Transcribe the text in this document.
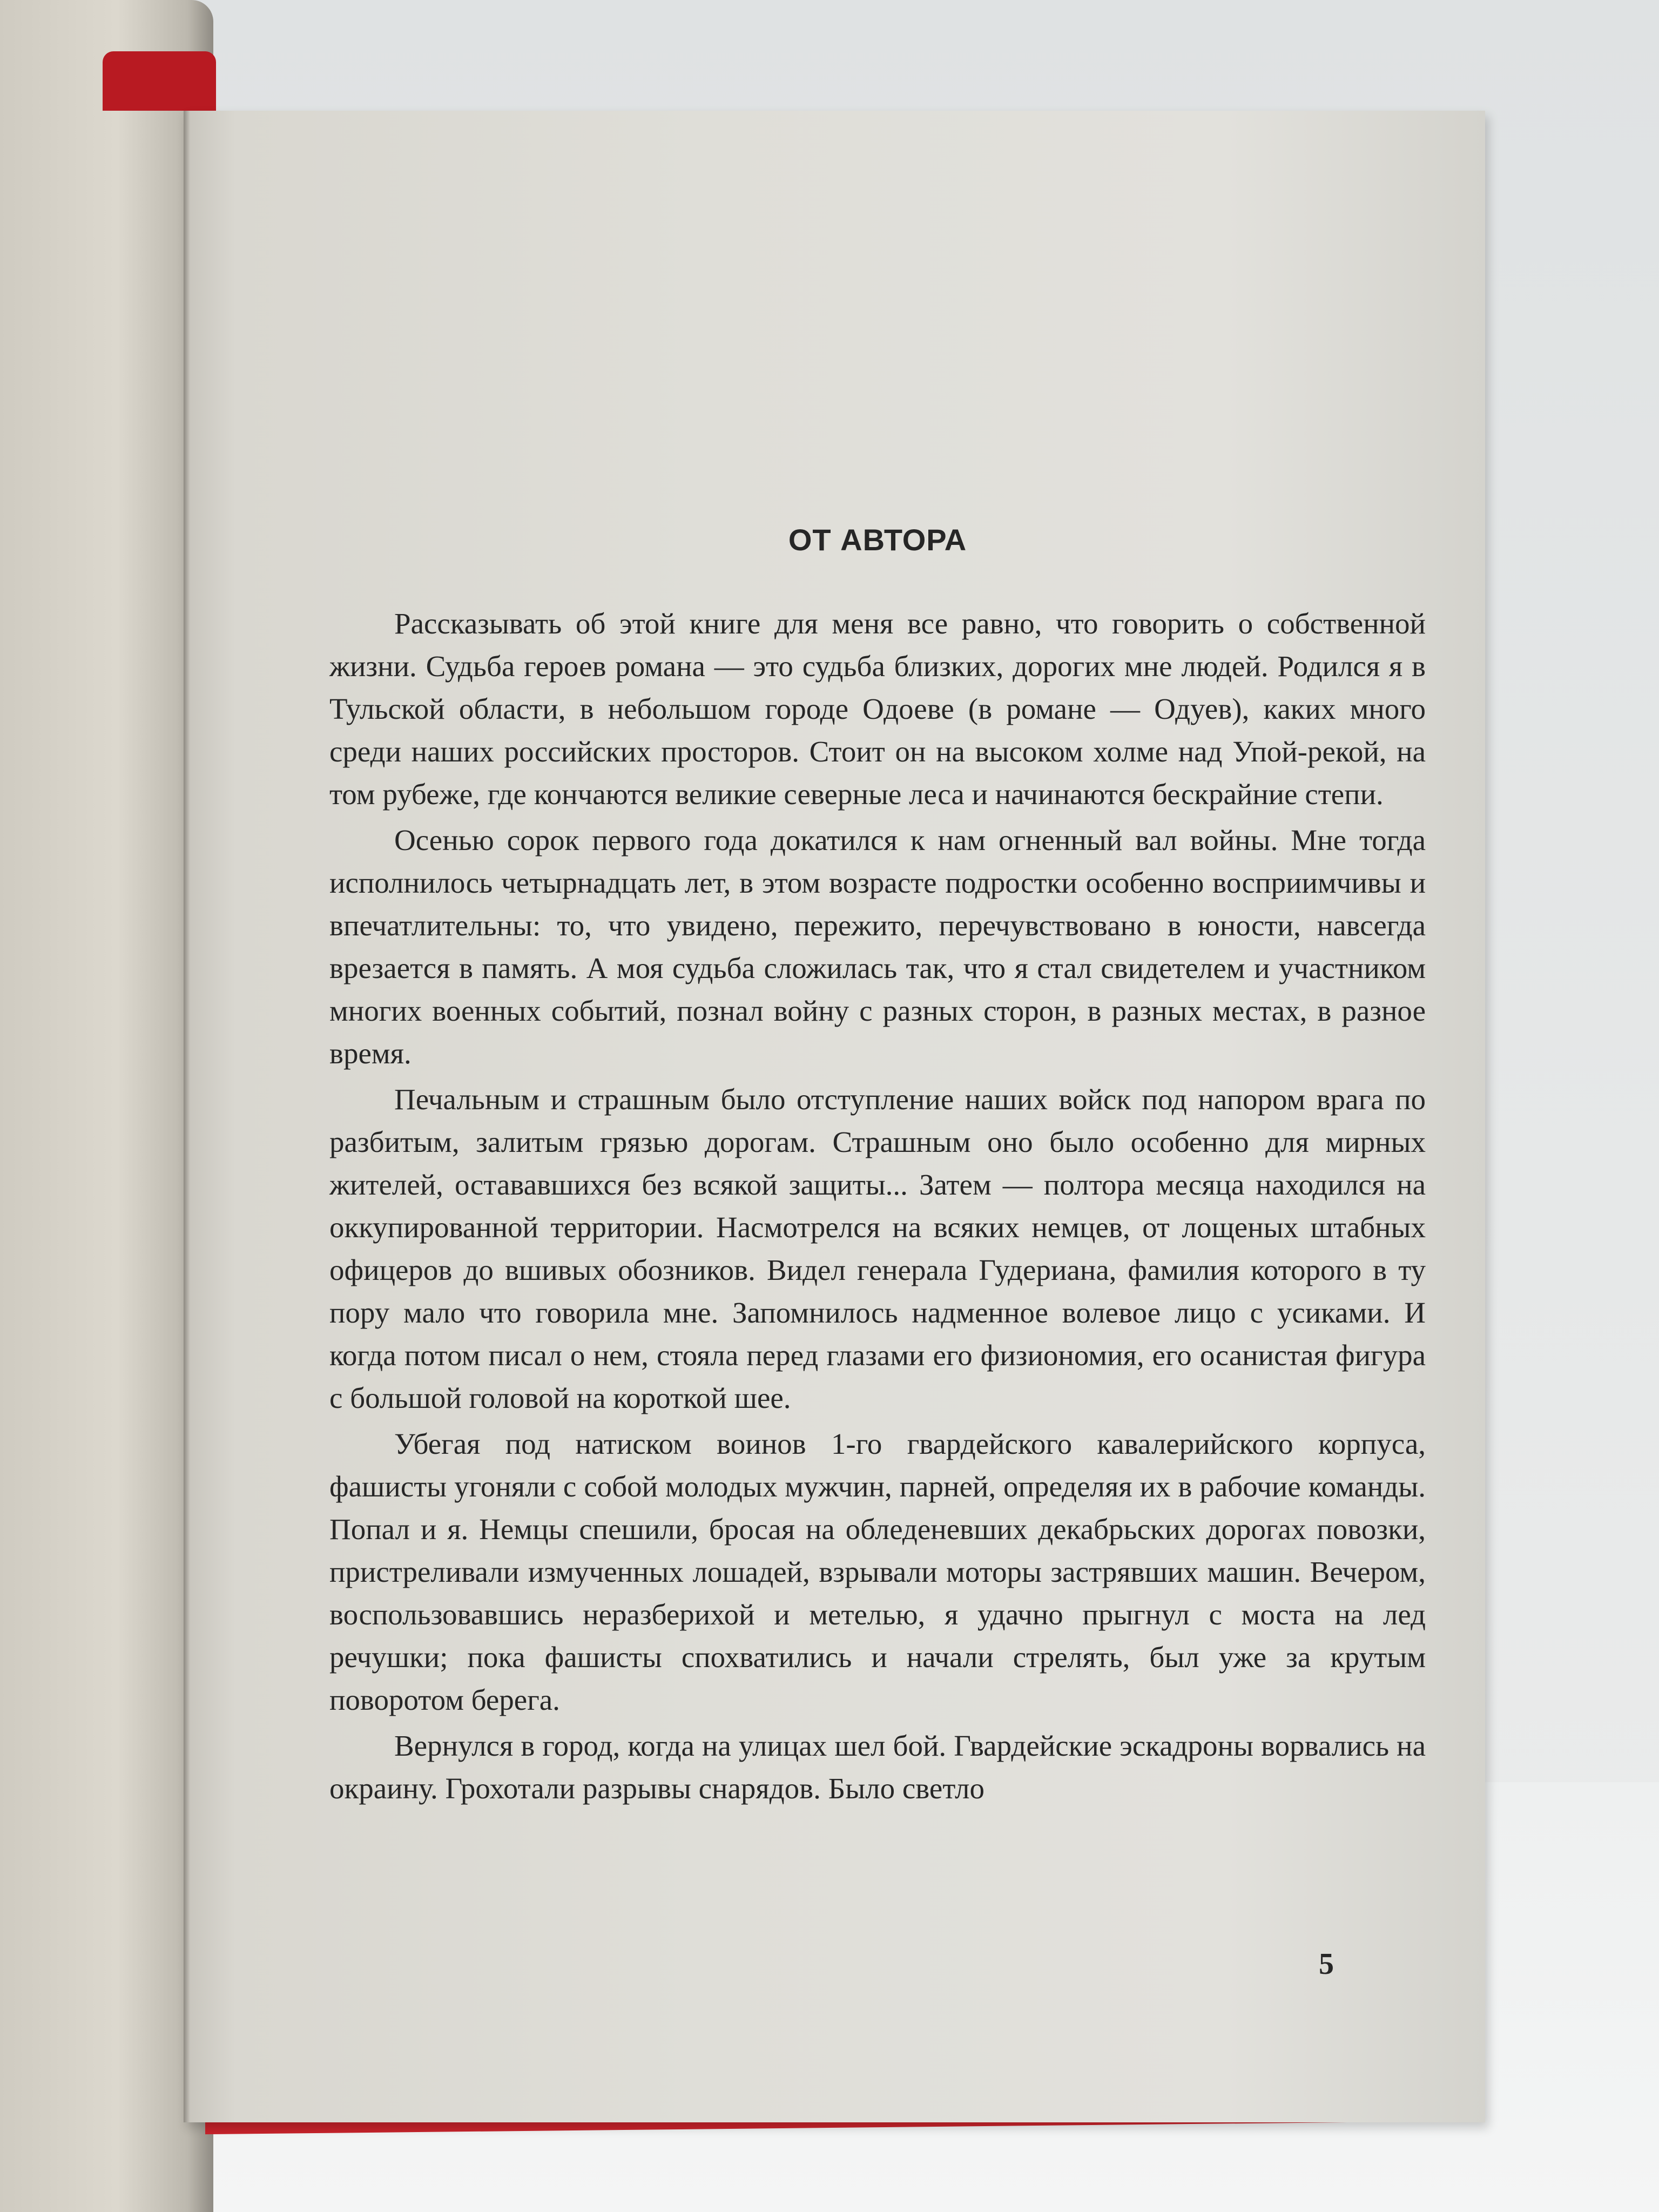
ОТ АВТОРА

Рассказывать об этой книге для меня все равно, что говорить о собственной жизни. Судьба героев романа — это судьба близких, дорогих мне людей. Родился я в Тульской области, в небольшом городе Одоеве (в романе — Одуев), каких много среди наших российских просторов. Стоит он на высоком холме над Упой-рекой, на том рубеже, где кончаются великие северные леса и начинаются бескрайние степи.

Осенью сорок первого года докатился к нам огненный вал войны. Мне тогда исполнилось четырнадцать лет, в этом возрасте подростки особенно восприимчивы и впечатлительны: то, что увидено, пережито, перечувствовано в юности, навсегда врезается в память. А моя судьба сложилась так, что я стал свидетелем и участником многих военных событий, познал войну с разных сторон, в разных местах, в разное время.

Печальным и страшным было отступление наших войск под напором врага по разбитым, залитым грязью дорогам. Страшным оно было особенно для мирных жителей, остававшихся без всякой защиты... Затем — полтора месяца находился на оккупированной территории. Насмотрелся на всяких немцев, от лощеных штабных офицеров до вшивых обозников. Видел генерала Гудериана, фамилия которого в ту пору мало что говорила мне. Запомнилось надменное волевое лицо с усиками. И когда потом писал о нем, стояла перед глазами его физиономия, его осанистая фигура с большой головой на короткой шее.

Убегая под натиском воинов 1-го гвардейского кавалерийского корпуса, фашисты угоняли с собой молодых мужчин, парней, определяя их в рабочие команды. Попал и я. Немцы спешили, бросая на обледеневших декабрьских дорогах повозки, пристреливали измученных лошадей, взрывали моторы застрявших машин. Вечером, воспользовавшись неразберихой и метелью, я удачно прыгнул с моста на лед речушки; пока фашисты спохватились и начали стрелять, был уже за крутым поворотом берега.

Вернулся в город, когда на улицах шел бой. Гвардейские эскадроны ворвались на окраину. Грохотали разрывы снарядов. Было светло

5
